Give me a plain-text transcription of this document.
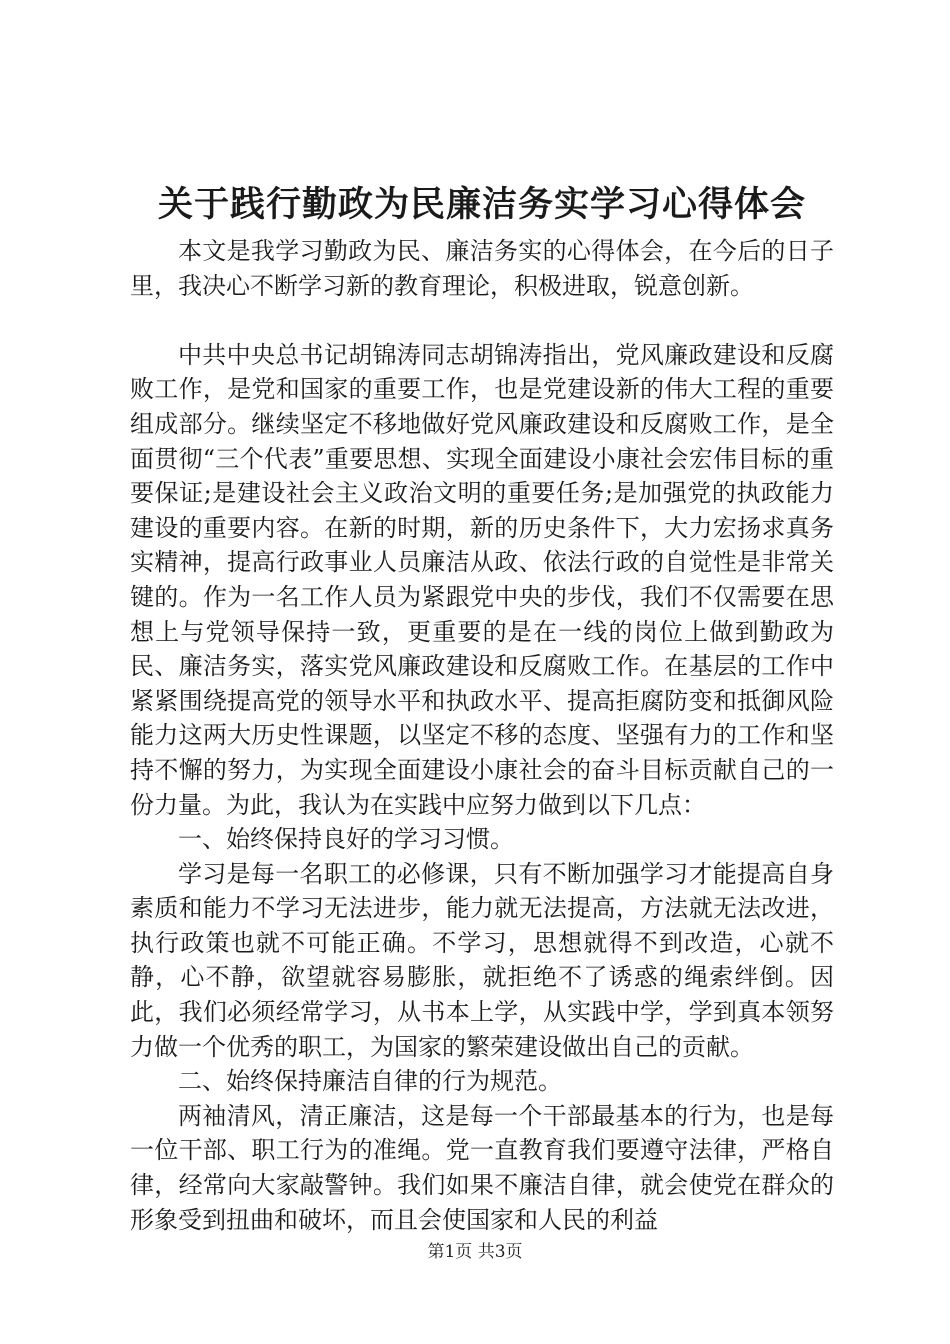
关于践行勤政为民廉洁务实学习心得体会

本文是我学习勤政为民、廉洁务实的心得体会，在今后的日子里，我决心不断学习新的教育理论，积极进取，锐意创新。

中共中央总书记胡锦涛同志胡锦涛指出，党风廉政建设和反腐败工作，是党和国家的重要工作，也是党建设新的伟大工程的重要组成部分。继续坚定不移地做好党风廉政建设和反腐败工作，是全面贯彻“三个代表”重要思想、实现全面建设小康社会宏伟目标的重要保证;是建设社会主义政治文明的重要任务;是加强党的执政能力建设的重要内容。在新的时期，新的历史条件下，大力宏扬求真务实精神，提高行政事业人员廉洁从政、依法行政的自觉性是非常关键的。作为一名工作人员为紧跟党中央的步伐，我们不仅需要在思想上与党领导保持一致，更重要的是在一线的岗位上做到勤政为民、廉洁务实，落实党风廉政建设和反腐败工作。在基层的工作中紧紧围绕提高党的领导水平和执政水平、提高拒腐防变和抵御风险能力这两大历史性课题，以坚定不移的态度、坚强有力的工作和坚持不懈的努力，为实现全面建设小康社会的奋斗目标贡献自己的一份力量。为此，我认为在实践中应努力做到以下几点：

一、始终保持良好的学习习惯。

学习是每一名职工的必修课，只有不断加强学习才能提高自身素质和能力不学习无法进步，能力就无法提高，方法就无法改进，执行政策也就不可能正确。不学习，思想就得不到改造，心就不静，心不静，欲望就容易膨胀，就拒绝不了诱惑的绳索绊倒。因此，我们必须经常学习，从书本上学，从实践中学，学到真本领努力做一个优秀的职工，为国家的繁荣建设做出自己的贡献。

二、始终保持廉洁自律的行为规范。

两袖清风，清正廉洁，这是每一个干部最基本的行为，也是每一位干部、职工行为的准绳。党一直教育我们要遵守法律，严格自律，经常向大家敲警钟。我们如果不廉洁自律，就会使党在群众的形象受到扭曲和破坏，而且会使国家和人民的利益

第1页 共3页
